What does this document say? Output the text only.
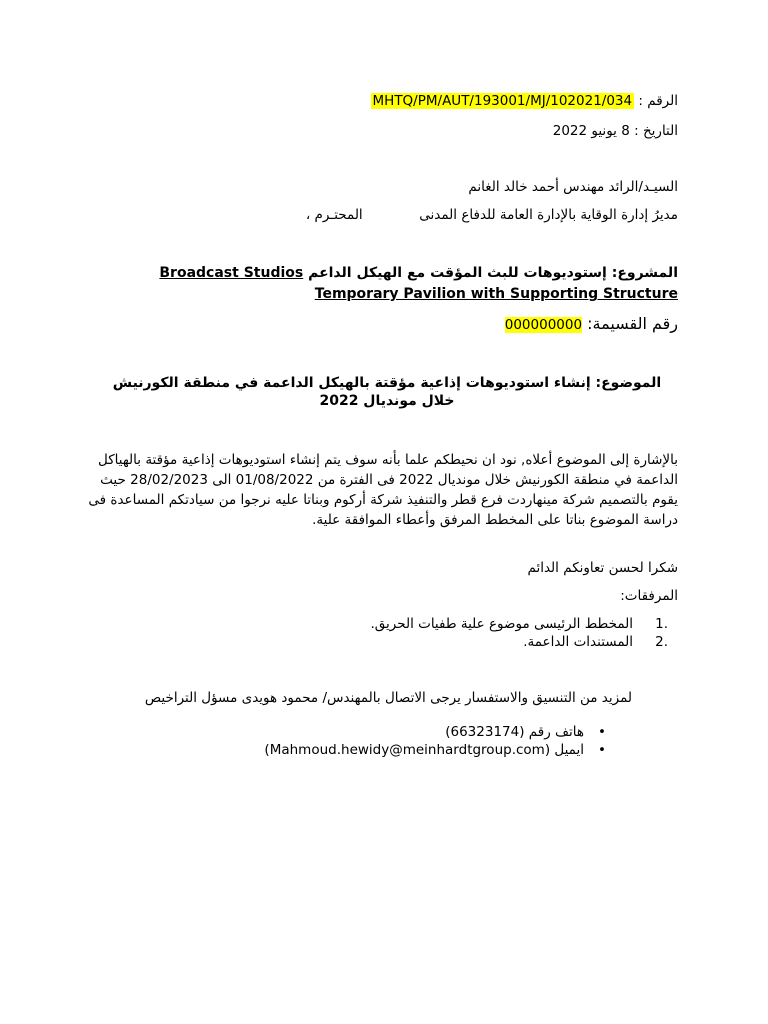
الرقم : MHTQ/PM/AUT/193001/MJ/102021/034
التاريخ : 8 يونيو 2022
السيـد/الرائد مهندس أحمد خالد الغانم
مديرُ إدارة الوقاية بالإدارة العامة للدفاع المدنى  المحتـرم ،
المشروع: إستوديوهات للبث المؤقت مع الهيكل الداعم Broadcast Studios Temporary Pavilion with Supporting Structure
رقم القسيمة: 000000000
الموضوع: إنشاء استوديوهات إذاعية مؤقتة بالهيكل الداعمة في منطقة الكورنيش خلال مونديال 2022
بالإشارة إلى الموضوع أعلاه, نود ان نحيطكم علما بأنه سوف يتم إنشاء استوديوهات إذاعية مؤقتة بالهياكل الداعمة في منطقة الكورنيش خلال مونديال 2022 فى الفترة من 01/08/2022 الى 28/02/2023 حيث يقوم بالتصميم شركة مينهاردت فرع قطر والتنفيذ شركة أركوم وبناتا عليه نرجوا من سيادتكم المساعدة فى دراسة الموضوع بناتا على المخطط المرفق وأعطاء الموافقة علية.
شكرا لحسن تعاونكم الدائم
المرفقات:
1.
المخطط الرئيسى موضوع علية طفيات الحريق.
2.
المستندات الداعمة.
لمزيد من التنسيق والاستفسار يرجى الاتصال بالمهندس/ محمود هويدى مسؤل التراخيص
•
هاتف رقم (66323174)
•
ايميل (Mahmoud.hewidy@meinhardtgroup.com)
